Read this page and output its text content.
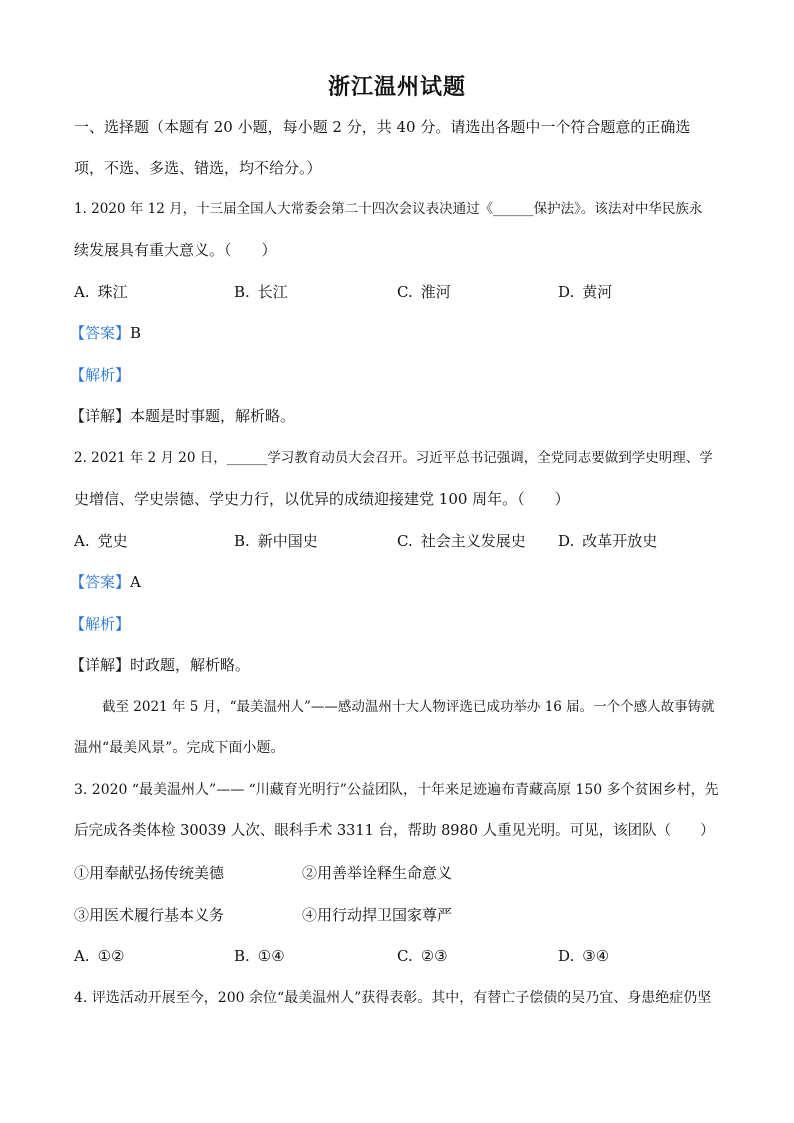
浙江温州试题
一、选择题（本题有 20 小题，每小题 2 分，共 40 分。请选出各题中一个符合题意的正确选
项，不选、多选、错选，均不给分。）
1. 2020 年 12 月，十三届全国人大常委会第二十四次会议表决通过《______保护法》。该法对中华民族永
续发展具有重大意义。（　　）
A. 珠江	B. 长江	C. 淮河	D. 黄河
【答案】B
【解析】
【详解】本题是时事题，解析略。
2. 2021 年 2 月 20 日，______学习教育动员大会召开。习近平总书记强调，全党同志要做到学史明理、学
史增信、学史崇德、学史力行，以优异的成绩迎接建党 100 周年。（　　）
A. 党史	B. 新中国史	C. 社会主义发展史 D. 改革开放史
【答案】A
【解析】
【详解】时政题，解析略。
截至 2021 年 5 月，“最美温州人”——感动温州十大人物评选已成功举办 16 届。一个个感人故事铸就
温州“最美风景”。完成下面小题。
3. 2020 “最美温州人”—— “川藏育光明行”公益团队，十年来足迹遍布青藏高原 150 多个贫困乡村，先
后完成各类体检 30039 人次、眼科手术 3311 台，帮助 8980 人重见光明。可见，该团队（　　）
①用奉献弘扬传统美德	②用善举诠释生命意义
③用医术履行基本义务	④用行动捍卫国家尊严
A. ①②	B. ①④	C. ②③	D. ③④
4. 评选活动开展至今，200 余位“最美温州人”获得表彰。其中，有替亡子偿债的吴乃宜、身患绝症仍坚
